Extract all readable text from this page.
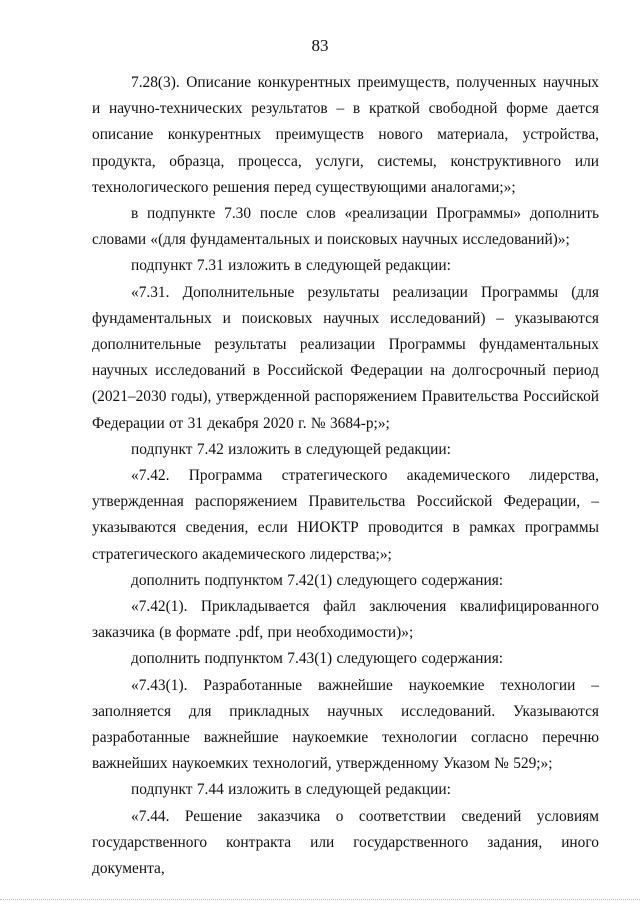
83

7.28(3). Описание конкурентных преимуществ, полученных научных и научно-технических результатов – в краткой свободной форме дается описание конкурентных преимуществ нового материала, устройства, продукта, образца, процесса, услуги, системы, конструктивного или технологического решения перед существующими аналогами;»;

в подпункте 7.30 после слов «реализации Программы» дополнить словами «(для фундаментальных и поисковых научных исследований)»;

подпункт 7.31 изложить в следующей редакции:

«7.31. Дополнительные результаты реализации Программы (для фундаментальных и поисковых научных исследований) – указываются дополнительные результаты реализации Программы фундаментальных научных исследований в Российской Федерации на долгосрочный период (2021–2030 годы), утвержденной распоряжением Правительства Российской Федерации от 31 декабря 2020 г. № 3684-р;»;

подпункт 7.42 изложить в следующей редакции:

«7.42. Программа стратегического академического лидерства, утвержденная распоряжением Правительства Российской Федерации, – указываются сведения, если НИОКТР проводится в рамках программы стратегического академического лидерства;»;

дополнить подпунктом 7.42(1) следующего содержания:

«7.42(1). Прикладывается файл заключения квалифицированного заказчика (в формате .pdf, при необходимости)»;

дополнить подпунктом 7.43(1) следующего содержания:

«7.43(1). Разработанные важнейшие наукоемкие технологии – заполняется для прикладных научных исследований. Указываются разработанные важнейшие наукоемкие технологии согласно перечню важнейших наукоемких технологий, утвержденному Указом № 529;»;

подпункт 7.44 изложить в следующей редакции:

«7.44. Решение заказчика о соответствии сведений условиям государственного контракта или государственного задания, иного документа,
